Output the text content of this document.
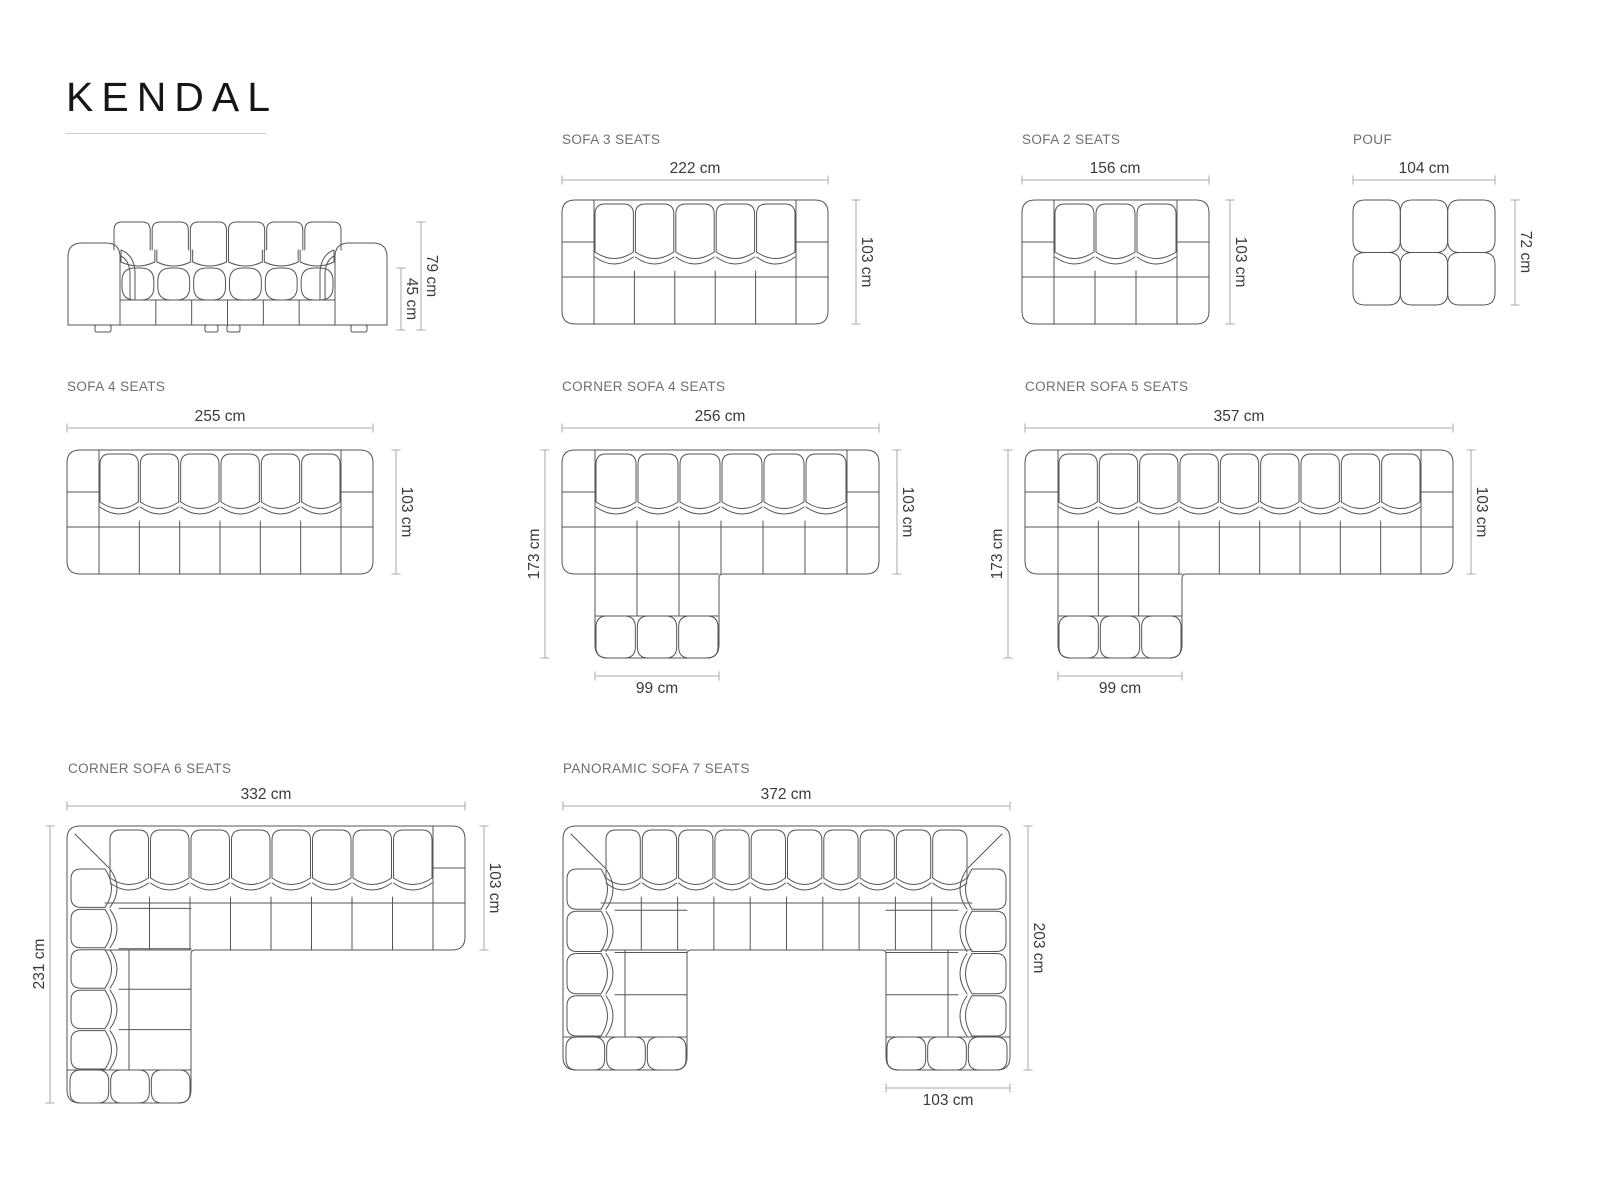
KENDAL
SOFA 3 SEATS	SOFA 2 SEATS	POUF
SOFA 4 SEATS	CORNER SOFA 4 SEATS	CORNER SOFA 5 SEATS
CORNER SOFA 6 SEATS	PANORAMIC SOFA 7 SEATS
79 cm
45 cm
222 cm
103 cm
156 cm
103 cm
104 cm
72 cm
255 cm
103 cm
256 cm
173 cm
103 cm
99 cm
357 cm
173 cm
103 cm
99 cm
332 cm
231 cm
103 cm
372 cm
203 cm
103 cm
